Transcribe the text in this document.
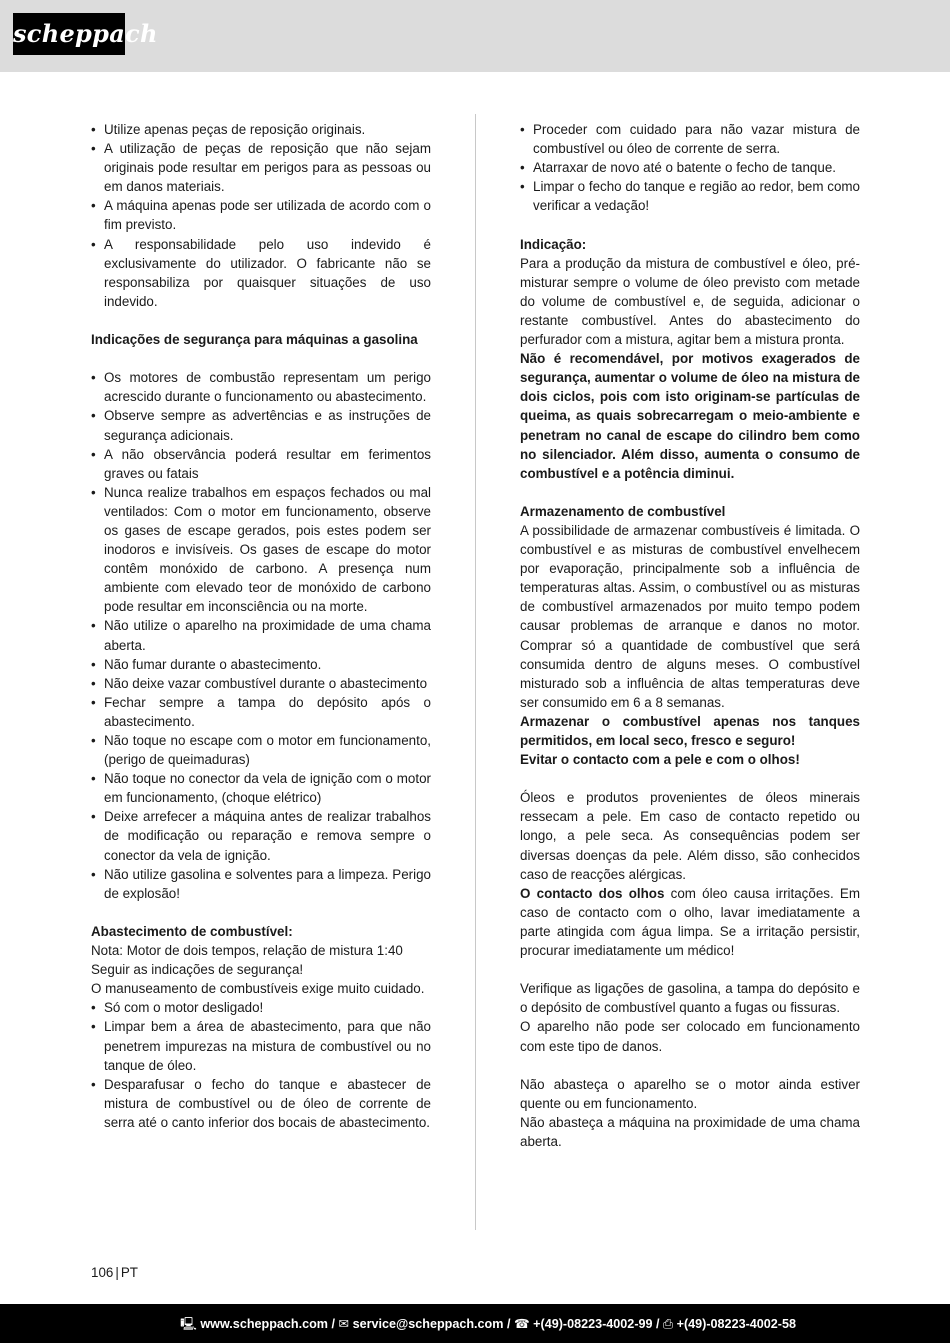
scheppach
• Utilize apenas peças de reposição originais.
• A utilização de peças de reposição que não sejam originais pode resultar em perigos para as pessoas ou em danos materiais.
• A máquina apenas pode ser utilizada de acordo com o fim previsto.
• A responsabilidade pelo uso indevido é exclusivamente do utilizador. O fabricante não se responsabiliza por quaisquer situações de uso indevido.

Indicações de segurança para máquinas a gasolina

• Os motores de combustão representam um perigo acrescido durante o funcionamento ou abastecimento.
• Observe sempre as advertências e as instruções de segurança adicionais.
• A não observância poderá resultar em ferimentos graves ou fatais
• Nunca realize trabalhos em espaços fechados ou mal ventilados: Com o motor em funcionamento, observe os gases de escape gerados, pois estes podem ser inodoros e invisíveis. Os gases de escape do motor contêm monóxido de carbono. A presença num ambiente com elevado teor de monóxido de carbono pode resultar em inconsciência ou na morte.
• Não utilize o aparelho na proximidade de uma chama aberta.
• Não fumar durante o abastecimento.
• Não deixe vazar combustível durante o abastecimento
• Fechar sempre a tampa do depósito após o abastecimento.
• Não toque no escape com o motor em funcionamento, (perigo de queimaduras)
• Não toque no conector da vela de ignição com o motor em funcionamento, (choque elétrico)
• Deixe arrefecer a máquina antes de realizar trabalhos de modificação ou reparação e remova sempre o conector da vela de ignição.
• Não utilize gasolina e solventes para a limpeza. Perigo de explosão!

Abastecimento de combustível:

Nota: Motor de dois tempos, relação de mistura 1:40

Seguir as indicações de segurança!

O manuseamento de combustíveis exige muito cuidado.

• Só com o motor desligado!
• Limpar bem a área de abastecimento, para que não penetrem impurezas na mistura de combustível ou no tanque de óleo.
• Desparafusar o fecho do tanque e abastecer de mistura de combustível ou de óleo de corrente de serra até o canto inferior dos bocais de abastecimento.
• Proceder com cuidado para não vazar mistura de combustível ou óleo de corrente de serra.
• Atarraxar de novo até o batente o fecho de tanque.
• Limpar o fecho do tanque e região ao redor, bem como verificar a vedação!

Indicação:

Para a produção da mistura de combustível e óleo, pré-misturar sempre o volume de óleo previsto com metade do volume de combustível e, de seguida, adicionar o restante combustível. Antes do abastecimento do perfurador com a mistura, agitar bem a mistura pronta.

Não é recomendável, por motivos exagerados de segurança, aumentar o volume de óleo na mistura de dois ciclos, pois com isto originam-se partículas de queima, as quais sobrecarregam o meio-ambiente e penetram no canal de escape do cilindro bem como no silenciador. Além disso, aumenta o consumo de combustível e a potência diminui.

Armazenamento de combustível

A possibilidade de armazenar combustíveis é limitada. O combustível e as misturas de combustível envelhecem por evaporação, principalmente sob a influência de temperaturas altas. Assim, o combustível ou as misturas de combustível armazenados por muito tempo podem causar problemas de arranque e danos no motor. Comprar só a quantidade de combustível que será consumida dentro de alguns meses. O combustível misturado sob a influência de altas temperaturas deve ser consumido em 6 a 8 semanas.

Armazenar o combustível apenas nos tanques permitidos, em local seco, fresco e seguro!

Evitar o contacto com a pele e com o olhos!

Óleos e produtos provenientes de óleos minerais ressecam a pele. Em caso de contacto repetido ou longo, a pele seca. As consequências podem ser diversas doenças da pele. Além disso, são conhecidos caso de reacções alérgicas.

O contacto dos olhos com óleo causa irritações. Em caso de contacto com o olho, lavar imediatamente a parte atingida com água limpa. Se a irritação persistir, procurar imediatamente um médico!

Verifique as ligações de gasolina, a tampa do depósito e o depósito de combustível quanto a fugas ou fissuras.

O aparelho não pode ser colocado em funcionamento com este tipo de danos.

Não abasteça o aparelho se o motor ainda estiver quente ou em funcionamento.

Não abasteça a máquina na proximidade de uma chama aberta.

106 | PT
🖳 www.scheppach.com / ✉ service@scheppach.com / ☎ +(49)-08223-4002-99 / ⎙ +(49)-08223-4002-58
